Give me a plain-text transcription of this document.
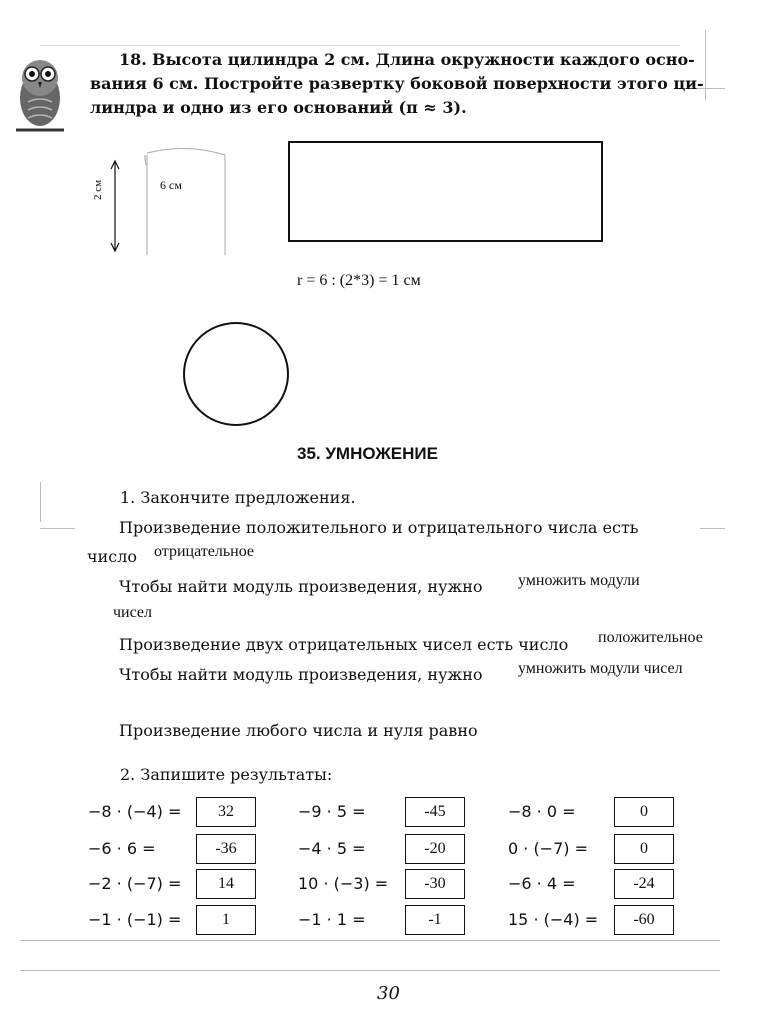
18. Высота цилиндра 2 см. Длина окружности каждого осно-
вания 6 см. Постройте развертку боковой поверхности этого ци-
линдра и одно из его оснований (π ≈ 3).
2 см	6 см
r = 6 : (2*3) = 1 см
35. УМНОЖЕНИЕ
1. Закончите предложения.
Произведение положительного и отрицательного числа есть
число отрицательное
Чтобы найти модуль произведения, нужно умножить модули
чисел
Произведение двух отрицательных чисел есть число положительное
Чтобы найти модуль произведения, нужно умножить модули чисел
Произведение любого числа и нуля равно
2. Запишите результаты:
−8 · (−4) =	32	−9 · 5 =	-45	−8 · 0 =	0
−6 · 6 =	-36	−4 · 5 =	-20	0 · (−7) =	0
−2 · (−7) =	14	10 · (−3) =	-30	−6 · 4 =	-24
−1 · (−1) =	1	−1 · 1 =	-1	15 · (−4) =	-60
30
